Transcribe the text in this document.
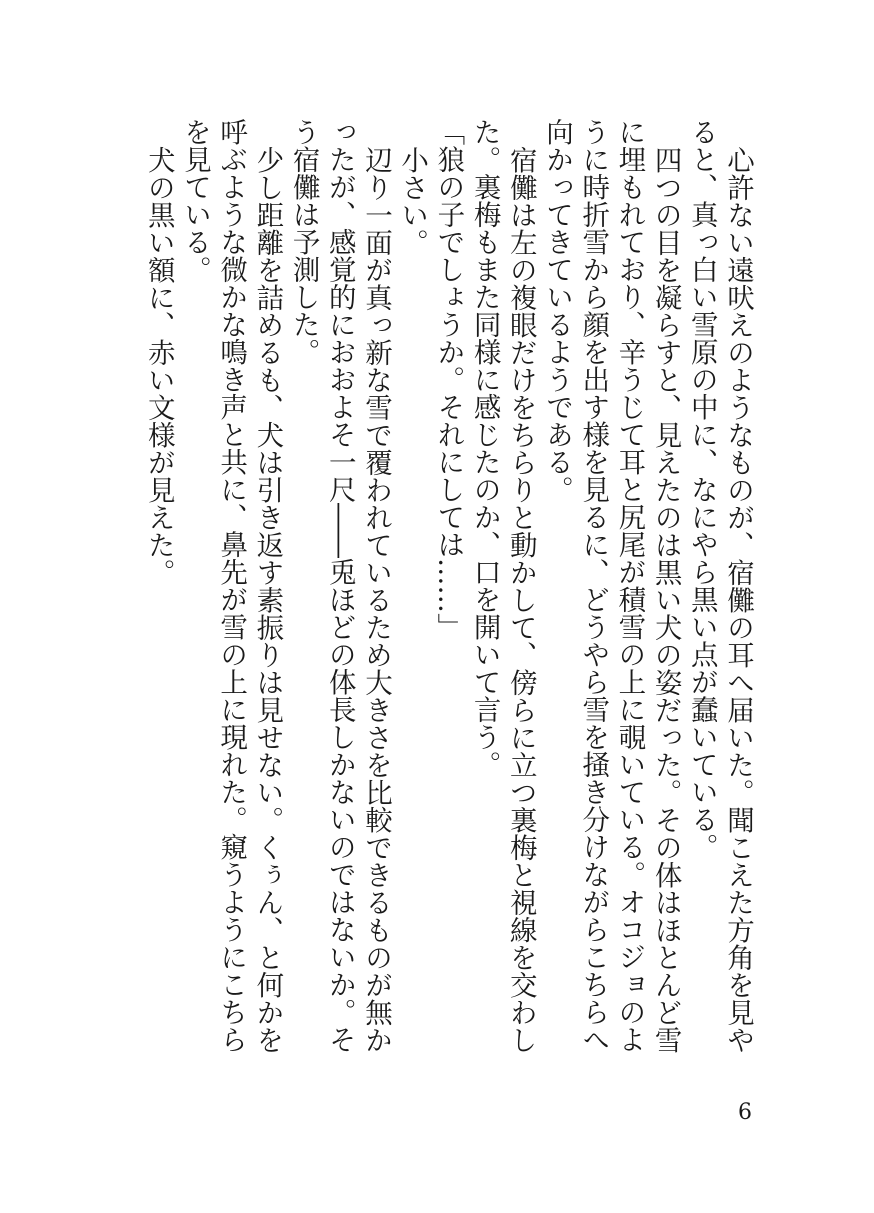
心許ない遠吠えのようなものが、宿儺の耳へ届いた。聞こえた方角を見やると、真っ白い雪原の中に、なにやら黒い点が蠢いている。

四つの目を凝らすと、見えたのは黒い犬の姿だった。その体はほとんど雪に埋もれており、辛うじて耳と尻尾が積雪の上に覗いている。オコジョのように時折雪から顔を出す様を見るに、どうやら雪を掻き分けながらこちらへ向かってきているようである。

宿儺は左の複眼だけをちらりと動かして、傍らに立つ裏梅と視線を交わした。裏梅もまた同様に感じたのか、口を開いて言う。

「狼の子でしょうか。それにしては……」

小さい。

辺り一面が真っ新な雪で覆われているため大きさを比較できるものが無かったが、感覚的におおよそ一尺――兎ほどの体長しかないのではないか。そう宿儺は予測した。

少し距離を詰めるも、犬は引き返す素振りは見せない。くぅん、と何かを呼ぶような微かな鳴き声と共に、鼻先が雪の上に現れた。窺うようにこちらを見ている。

犬の黒い額に、赤い文様が見えた。

6
